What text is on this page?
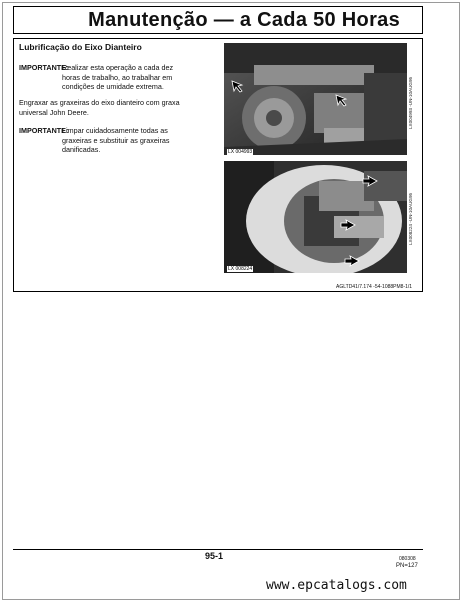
Manutenção — a Cada 50 Horas
Lubrificação do Eixo Dianteiro
IMPORTANTE:
Realizar esta operação a cada dez
horas de trabalho, ao trabalhar em
condições de umidade extrema.
Engraxar as graxeiras do eixo dianteiro com graxa
universal John Deere.
IMPORTANTE:
Limpar cuidadosamente todas as
graxeiras e substituir as graxeiras
danificadas.	LX 004993
LX004993 -UN-10AUG95
LX 008224
LX008224 -UN-10AUG95
AGLTD41/7.174 -54-1088PM8-1/1
95-1	080308
PN=127
www.epcatalogs.com
